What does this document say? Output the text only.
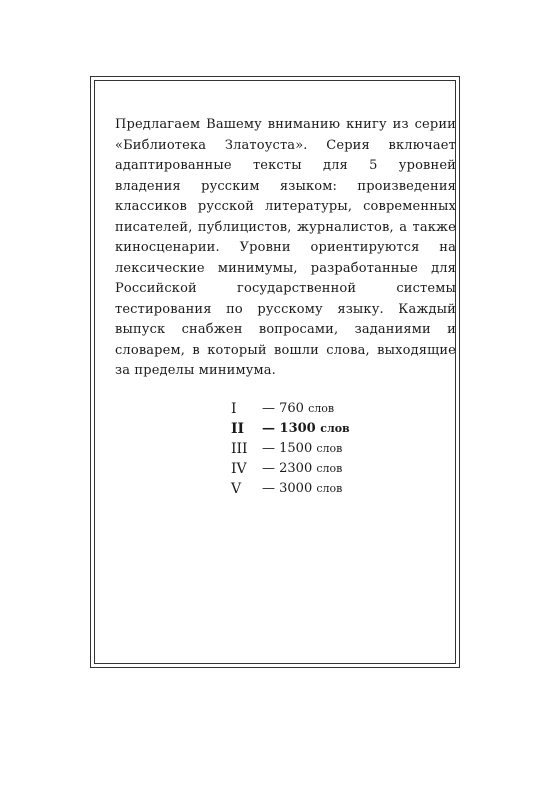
Предлагаем Вашему вниманию книгу из серии «Библиотека Златоуста». Серия включает адаптированные тексты для 5 уровней владения русским языком: произведения классиков русской литературы, современных писателей, публицистов, журналистов, а также киносценарии. Уровни ориентируются на лексические минимумы, разработанные для Российской государственной системы тестирования по русскому языку. Каждый выпуск снабжен вопросами, заданиями и словарем, в который вошли слова, выходящие за пределы минимума.

I	— 760 слов
II	— 1300 слов
III	— 1500 слов
IV	— 2300 слов
V	— 3000 слов
